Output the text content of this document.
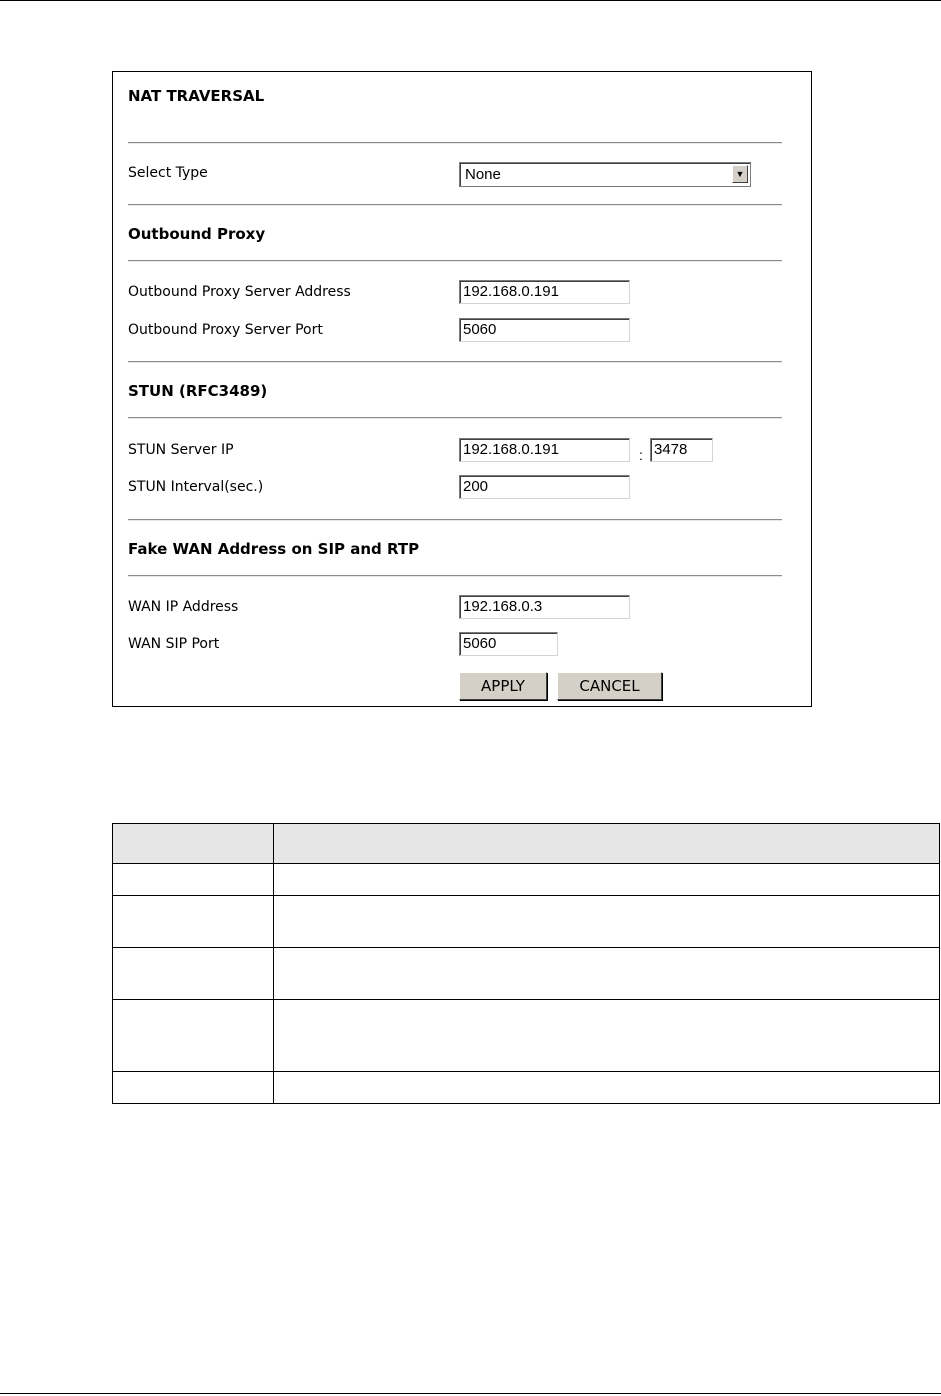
NAT TRAVERSAL
Select Type	None	▼
Outbound Proxy
Outbound Proxy Server Address	192.168.0.191
Outbound Proxy Server Port	5060
STUN (RFC3489)
STUN Server IP	192.168.0.191	: 3478
STUN Interval(sec.)	200
Fake WAN Address on SIP and RTP
WAN IP Address	192.168.0.3
WAN SIP Port	5060
APPLY	CANCEL
